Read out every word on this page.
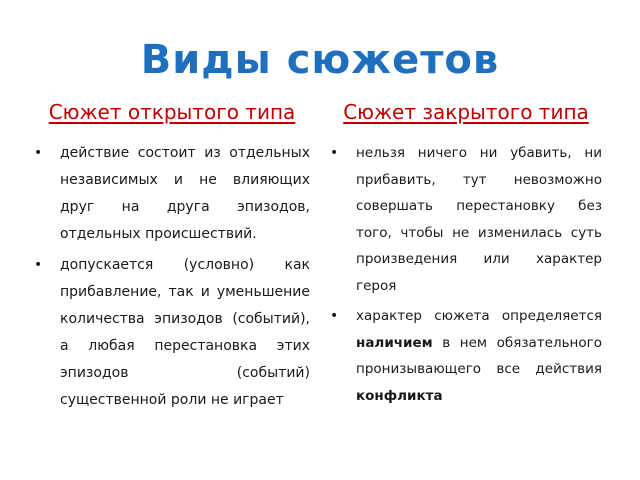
Виды сюжетов
Сюжет открытого типа
• действие состоит из отдельных независимых и не влияющих друг на друга эпизодов, отдельных происшествий.
• допускается (условно) как прибавление, так и уменьшение количества эпизодов (событий), а любая перестановка этих эпизодов (событий) существенной роли не играет
Сюжет закрытого типа
• нельзя ничего ни убавить, ни прибавить, тут невозможно совершать перестановку без того, чтобы не изменилась суть произведения или характер героя
• характер сюжета определяется наличием в нем обязательного пронизывающего все действия конфликта
